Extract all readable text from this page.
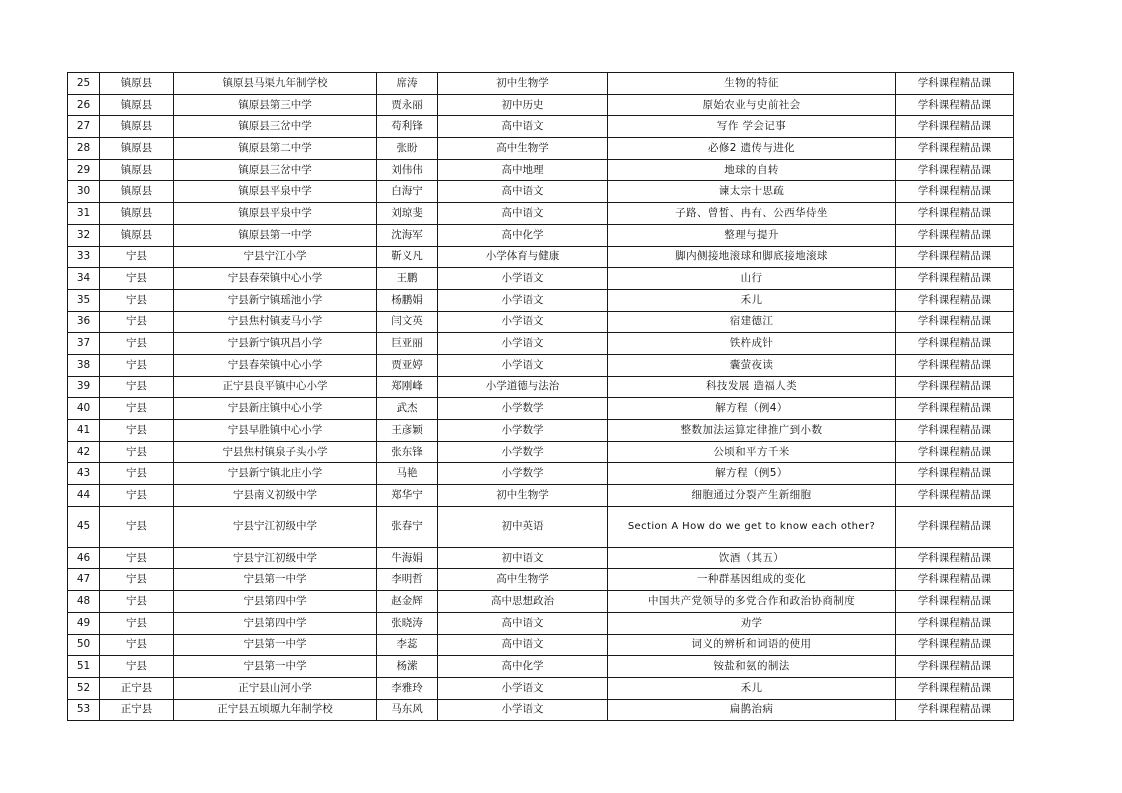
25	镇原县	镇原县马渠九年制学校	席涛	初中生物学	生物的特征	学科课程精品课
26	镇原县	镇原县第三中学	贾永丽	初中历史	原始农业与史前社会	学科课程精品课
27	镇原县	镇原县三岔中学	苟利锋	高中语文	写作 学会记事	学科课程精品课
28	镇原县	镇原县第二中学	张盼	高中生物学	必修2 遗传与进化	学科课程精品课
29	镇原县	镇原县三岔中学	刘伟伟	高中地理	地球的自转	学科课程精品课
30	镇原县	镇原县平泉中学	白海宁	高中语文	谏太宗十思疏	学科课程精品课
31	镇原县	镇原县平泉中学	刘琼斐	高中语文	子路、曾皙、冉有、公西华侍坐	学科课程精品课
32	镇原县	镇原县第一中学	沈海军	高中化学	整理与提升	学科课程精品课
33	宁县	宁县宁江小学	靳义凡	小学体育与健康	脚内侧接地滚球和脚底接地滚球	学科课程精品课
34	宁县	宁县春荣镇中心小学	王鹏	小学语文	山行	学科课程精品课
35	宁县	宁县新宁镇瑶池小学	杨鹏娟	小学语文	禾儿	学科课程精品课
36	宁县	宁县焦村镇麦马小学	闫文英	小学语文	宿建德江	学科课程精品课
37	宁县	宁县新宁镇巩昌小学	巨亚丽	小学语文	铁杵成针	学科课程精品课
38	宁县	宁县春荣镇中心小学	贾亚婷	小学语文	囊萤夜读	学科课程精品课
39	宁县	正宁县良平镇中心小学	郑刚峰	小学道德与法治	科技发展 造福人类	学科课程精品课
40	宁县	宁县新庄镇中心小学	武杰	小学数学	解方程（例4）	学科课程精品课
41	宁县	宁县早胜镇中心小学	王彦颖	小学数学	整数加法运算定律推广到小数	学科课程精品课
42	宁县	宁县焦村镇泉子头小学	张东锋	小学数学	公顷和平方千米	学科课程精品课
43	宁县	宁县新宁镇北庄小学	马艳	小学数学	解方程（例5）	学科课程精品课
44	宁县	宁县南义初级中学	郑华宁	初中生物学	细胞通过分裂产生新细胞	学科课程精品课
45	宁县	宁县宁江初级中学	张春宁	初中英语	Section A How do we get to know each other?	学科课程精品课
46	宁县	宁县宁江初级中学	牛海娟	初中语文	饮酒（其五）	学科课程精品课
47	宁县	宁县第一中学	李明哲	高中生物学	一种群基因组成的变化	学科课程精品课
48	宁县	宁县第四中学	赵金辉	高中思想政治	中国共产党领导的多党合作和政治协商制度	学科课程精品课
49	宁县	宁县第四中学	张晓涛	高中语文	劝学	学科课程精品课
50	宁县	宁县第一中学	李蕊	高中语文	词义的辨析和词语的使用	学科课程精品课
51	宁县	宁县第一中学	杨潆	高中化学	铵盐和氨的制法	学科课程精品课
52	正宁县	正宁县山河小学	李雅玲	小学语文	禾儿	学科课程精品课
53	正宁县	正宁县五顷塬九年制学校	马东风	小学语文	扁鹊治病	学科课程精品课
